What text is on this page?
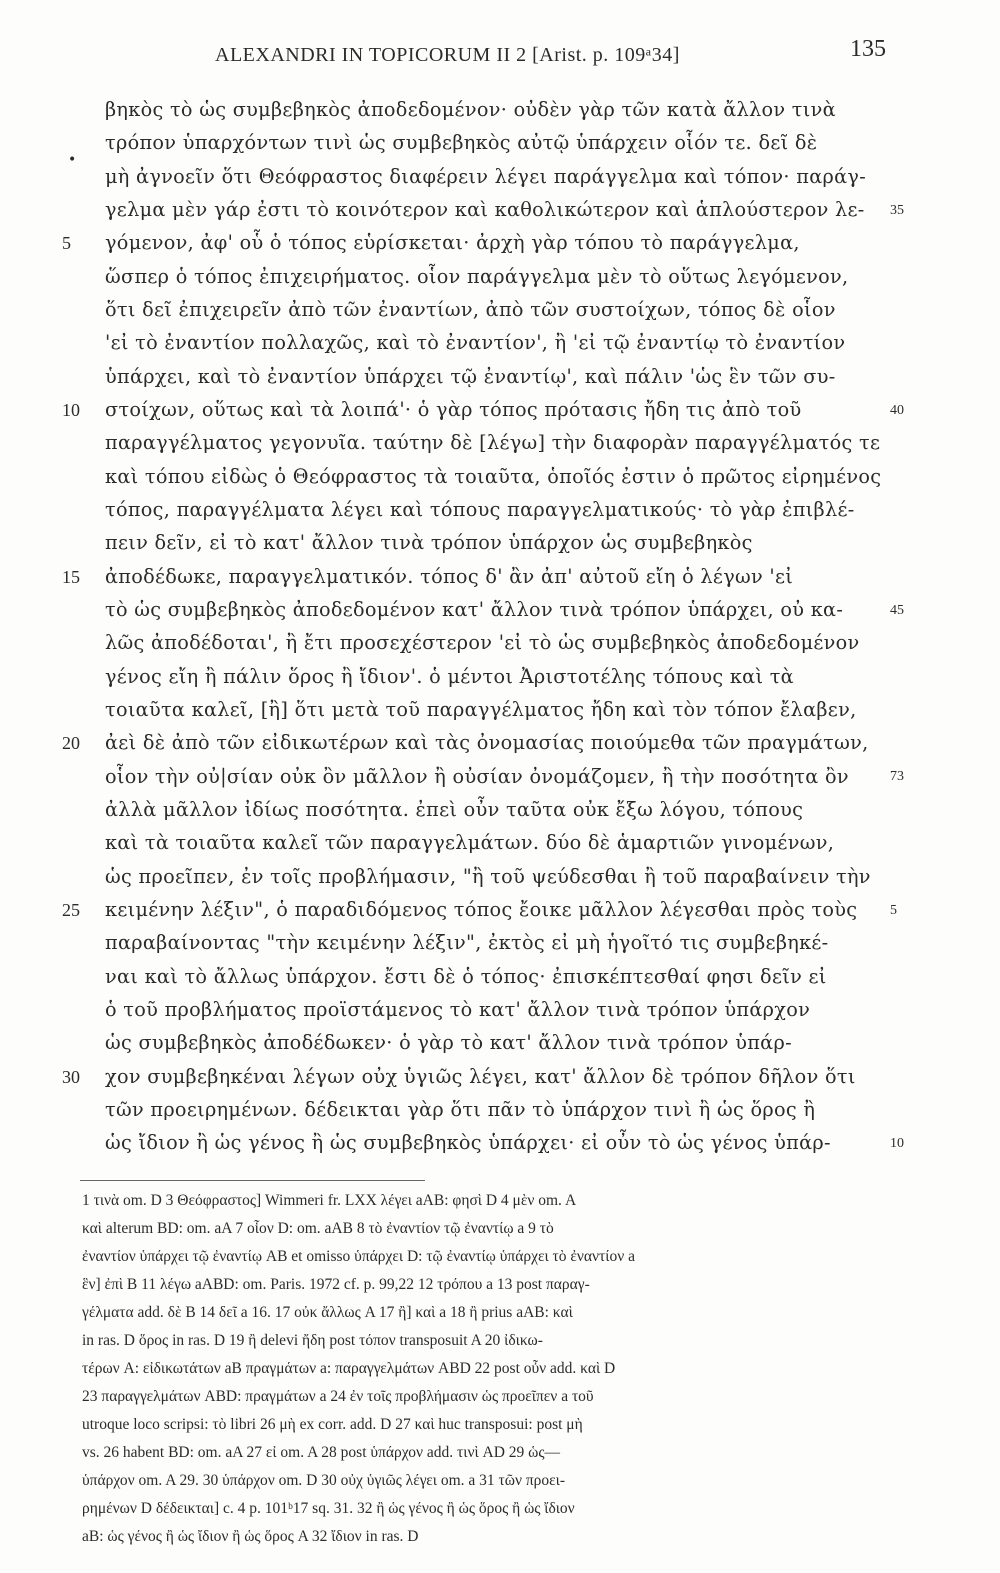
ALEXANDRI IN TOPICORUM II 2 [Arist. p. 109ᵃ34]	135
•
βηκὸς τὸ ὡς συμβεβηκὸς ἀποδεδομένον· οὐδὲν γὰρ τῶν κατὰ ἄλλον τινὰ
τρόπον ὑπαρχόντων τινὶ ὡς συμβεβηκὸς αὐτῷ ὑπάρχειν οἷόν τε. δεῖ δὲ
μὴ ἀγνοεῖν ὅτι Θεόφραστος διαφέρειν λέγει παράγγελμα καὶ τόπον· παράγ-
γελμα μὲν γάρ ἐστι τὸ κοινότερον καὶ καθολικώτερον καὶ ἁπλούστερον λε-
γόμενον, ἀφ' οὗ ὁ τόπος εὑρίσκεται· ἀρχὴ γὰρ τόπου τὸ παράγγελμα,
ὥσπερ ὁ τόπος ἐπιχειρήματος. οἷον παράγγελμα μὲν τὸ οὕτως λεγόμενον,
ὅτι δεῖ ἐπιχειρεῖν ἀπὸ τῶν ἐναντίων, ἀπὸ τῶν συστοίχων, τόπος δὲ οἷον
'εἰ τὸ ἐναντίον πολλαχῶς, καὶ τὸ ἐναντίον', ἢ 'εἰ τῷ ἐναντίῳ τὸ ἐναντίον
ὑπάρχει, καὶ τὸ ἐναντίον ὑπάρχει τῷ ἐναντίῳ', καὶ πάλιν 'ὡς ἓν τῶν συ-
στοίχων, οὕτως καὶ τὰ λοιπά'· ὁ γὰρ τόπος πρότασις ἤδη τις ἀπὸ τοῦ
παραγγέλματος γεγονυῖα. ταύτην δὲ [λέγω] τὴν διαφορὰν παραγγέλματός τε
καὶ τόπου εἰδὼς ὁ Θεόφραστος τὰ τοιαῦτα, ὁποῖός ἐστιν ὁ πρῶτος εἰρημένος
τόπος, παραγγέλματα λέγει καὶ τόπους παραγγελματικούς· τὸ γὰρ ἐπιβλέ-
πειν δεῖν, εἰ τὸ κατ' ἄλλον τινὰ τρόπον ὑπάρχον ὡς συμβεβηκὸς
ἀποδέδωκε, παραγγελματικόν. τόπος δ' ἂν ἀπ' αὐτοῦ εἴη ὁ λέγων 'εἰ
τὸ ὡς συμβεβηκὸς ἀποδεδομένον κατ' ἄλλον τινὰ τρόπον ὑπάρχει, οὐ κα-
λῶς ἀποδέδοται', ἢ ἔτι προσεχέστερον 'εἰ τὸ ὡς συμβεβηκὸς ἀποδεδομένον
γένος εἴη ἢ πάλιν ὅρος ἢ ἴδιον'. ὁ μέντοι Ἀριστοτέλης τόπους καὶ τὰ
τοιαῦτα καλεῖ, [ἢ] ὅτι μετὰ τοῦ παραγγέλματος ἤδη καὶ τὸν τόπον ἔλαβεν,
ἀεὶ δὲ ἀπὸ τῶν εἰδικωτέρων καὶ τὰς ὀνομασίας ποιούμεθα τῶν πραγμάτων,
οἷον τὴν οὐ|σίαν οὐκ ὂν μᾶλλον ἢ οὐσίαν ὀνομάζομεν, ἢ τὴν ποσότητα ὂν
ἀλλὰ μᾶλλον ἰδίως ποσότητα. ἐπεὶ οὖν ταῦτα οὐκ ἔξω λόγου, τόπους
καὶ τὰ τοιαῦτα καλεῖ τῶν παραγγελμάτων. δύο δὲ ἁμαρτιῶν γινομένων,
ὡς προεῖπεν, ἐν τοῖς προβλήμασιν, "ἢ τοῦ ψεύδεσθαι ἢ τοῦ παραβαίνειν τὴν
κειμένην λέξιν", ὁ παραδιδόμενος τόπος ἔοικε μᾶλλον λέγεσθαι πρὸς τοὺς
παραβαίνοντας "τὴν κειμένην λέξιν", ἐκτὸς εἰ μὴ ἡγοῖτό τις συμβεβηκέ-
ναι καὶ τὸ ἄλλως ὑπάρχον. ἔστι δὲ ὁ τόπος· ἐπισκέπτεσθαί φησι δεῖν εἰ
ὁ τοῦ προβλήματος προϊστάμενος τὸ κατ' ἄλλον τινὰ τρόπον ὑπάρχον
ὡς συμβεβηκὸς ἀποδέδωκεν· ὁ γὰρ τὸ κατ' ἄλλον τινὰ τρόπον ὑπάρ-
χον συμβεβηκέναι λέγων οὐχ ὑγιῶς λέγει, κατ' ἄλλον δὲ τρόπον δῆλον ὅτι
τῶν προειρημένων. δέδεικται γὰρ ὅτι πᾶν τὸ ὑπάρχον τινὶ ἢ ὡς ὅρος ἢ
ὡς ἴδιον ἢ ὡς γένος ἢ ὡς συμβεβηκὸς ὑπάρχει· εἰ οὖν τὸ ὡς γένος ὑπάρ-
5
10
15
20
25
30
35
40
45
73
5
10
1 τινὰ om. D 3 Θεόφραστος] Wimmeri fr. LXX λέγει aAB: φησὶ D 4 μὲν om. A
καὶ alterum BD: om. aA 7 οἷον D: om. aAB 8 τὸ ἐναντίον τῷ ἐναντίῳ a 9 τὸ
ἐναντίον ὑπάρχει τῷ ἐναντίῳ AB et omisso ὑπάρχει D: τῷ ἐναντίῳ ὑπάρχει τὸ ἐναντίον a
ἓν] ἐπὶ B 11 λέγω aABD: om. Paris. 1972 cf. p. 99,22 12 τρόπου a 13 post παραγ-
γέλματα add. δὲ B 14 δεῖ a 16. 17 οὐκ ἄλλως A 17 ἢ] καὶ a 18 ἢ prius aAB: καὶ
in ras. D ὅρος in ras. D 19 ἢ delevi ἤδη post τόπον transposuit A 20 ἰδικω-
τέρων A: εἰδικωτάτων aB πραγμάτων a: παραγγελμάτων ABD 22 post οὖν add. καὶ D
23 παραγγελμάτων ABD: πραγμάτων a 24 ἐν τοῖς προβλήμασιν ὡς προεῖπεν a τοῦ
utroque loco scripsi: τὸ libri 26 μὴ ex corr. add. D 27 καὶ huc transposui: post μὴ
vs. 26 habent BD: om. aA 27 εἰ om. A 28 post ὑπάρχον add. τινὶ AD 29 ὡς—
ὑπάρχον om. A 29. 30 ὑπάρχον om. D 30 οὐχ ὑγιῶς λέγει om. a 31 τῶν προει-
ρημένων D δέδεικται] c. 4 p. 101ᵇ17 sq. 31. 32 ἢ ὡς γένος ἢ ὡς ὅρος ἢ ὡς ἴδιον
aB: ὡς γένος ἢ ὡς ἴδιον ἢ ὡς ὅρος A 32 ἴδιον in ras. D
